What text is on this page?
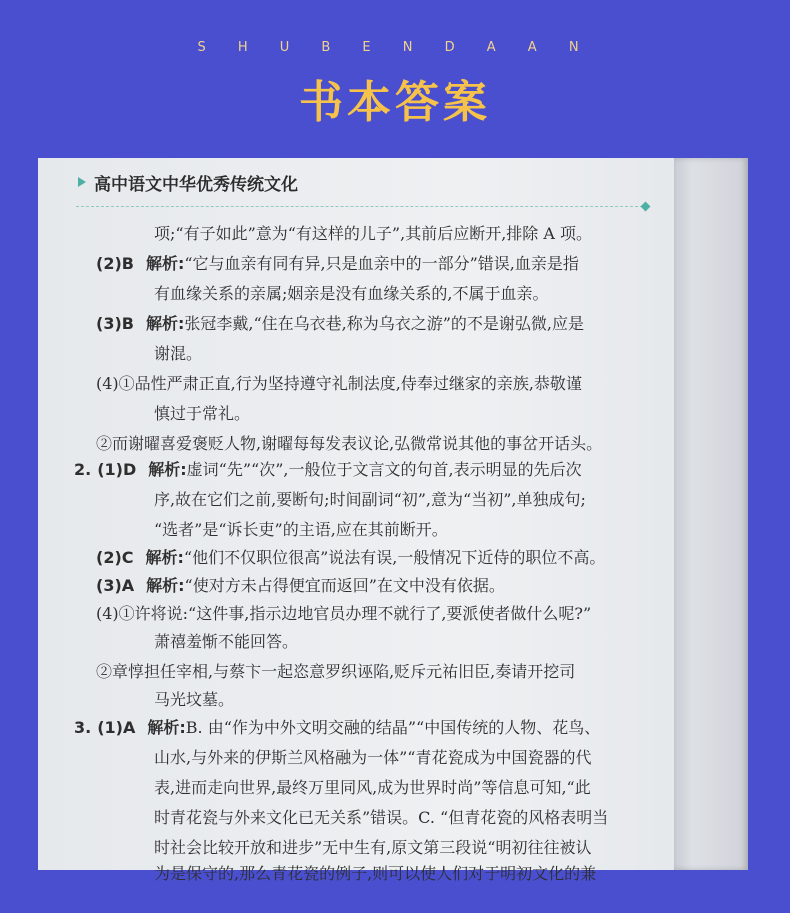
S H U B E N D A A N
书本答案
高中语文中华优秀传统文化
项;“有子如此”意为“有这样的儿子”,其前后应断开,排除 A 项。
(2)B 解析:“它与血亲有同有异,只是血亲中的一部分”错误,血亲是指
有血缘关系的亲属;姻亲是没有血缘关系的,不属于血亲。
(3)B 解析:张冠李戴,“住在乌衣巷,称为乌衣之游”的不是谢弘微,应是
谢混。
(4)①品性严肃正直,行为坚持遵守礼制法度,侍奉过继家的亲族,恭敬谨
慎过于常礼。
②而谢曜喜爱褒贬人物,谢曜每每发表议论,弘微常说其他的事岔开话头。
2. (1)D 解析:虚词“先”“次”,一般位于文言文的句首,表示明显的先后次
序,故在它们之前,要断句;时间副词“初”,意为“当初”,单独成句;
“选者”是“诉长吏”的主语,应在其前断开。
(2)C 解析:“他们不仅职位很高”说法有误,一般情况下近侍的职位不高。
(3)A 解析:“使对方未占得便宜而返回”在文中没有依据。
(4)①许将说:“这件事,指示边地官员办理不就行了,要派使者做什么呢?”
萧禧羞惭不能回答。
②章惇担任宰相,与蔡卞一起恣意罗织诬陷,贬斥元祐旧臣,奏请开挖司
马光坟墓。
3. (1)A 解析:B. 由“作为中外文明交融的结晶”“中国传统的人物、花鸟、
山水,与外来的伊斯兰风格融为一体”“青花瓷成为中国瓷器的代
表,进而走向世界,最终万里同风,成为世界时尚”等信息可知,“此
时青花瓷与外来文化已无关系”错误。C. “但青花瓷的风格表明当
时社会比较开放和进步”无中生有,原文第三段说“明初往往被认
为是保守的,那么青花瓷的例子,则可以使人们对于明初文化的兼
